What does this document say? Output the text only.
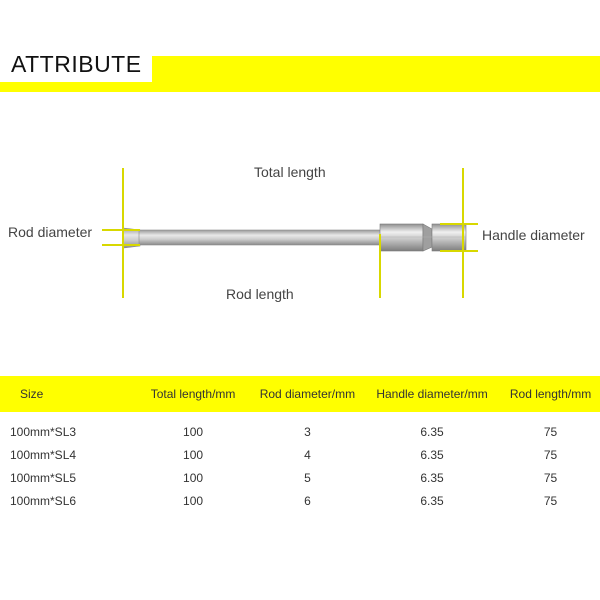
ATTRIBUTE
Total length
Rod diameter	Handle diameter
Rod length
Size	Total length/mm	Rod diameter/mm	Handle diameter/mm	Rod length/mm

100mm*SL3	100	3	6.35	75
100mm*SL4	100	4	6.35	75
100mm*SL5	100	5	6.35	75
100mm*SL6	100	6	6.35	75
